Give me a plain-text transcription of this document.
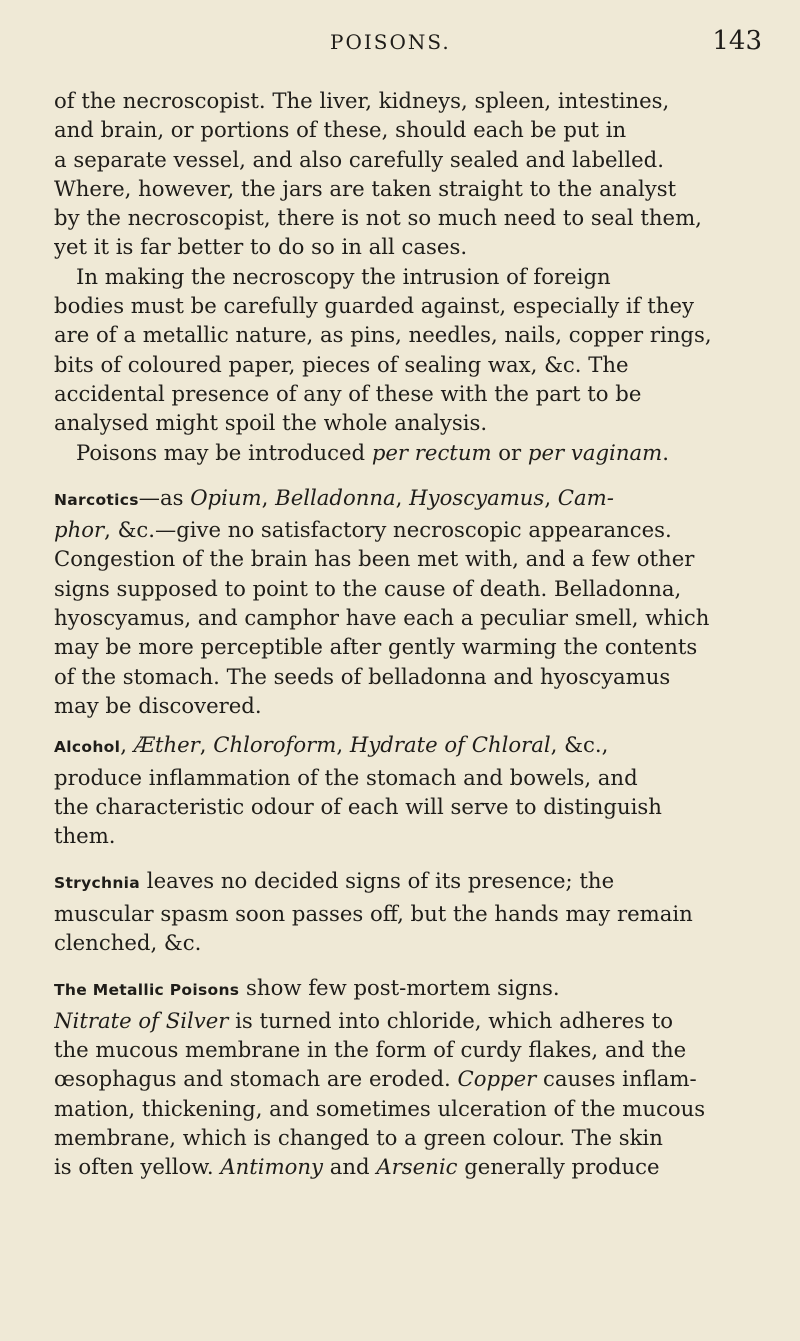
POISONS.	143
of the necroscopist. The liver, kidneys, spleen, intestines,
and brain, or portions of these, should each be put in
a separate vessel, and also carefully sealed and labelled.
Where, however, the jars are taken straight to the analyst
by the necroscopist, there is not so much need to seal them,
yet it is far better to do so in all cases.
In making the necroscopy the intrusion of foreign
bodies must be carefully guarded against, especially if they
are of a metallic nature, as pins, needles, nails, copper rings,
bits of coloured paper, pieces of sealing wax, &c. The
accidental presence of any of these with the part to be
analysed might spoil the whole analysis.
Poisons may be introduced per rectum or per vaginam.
Narcotics—as Opium, Belladonna, Hyoscyamus, Cam-
phor, &c.—give no satisfactory necroscopic appearances.
Congestion of the brain has been met with, and a few other
signs supposed to point to the cause of death. Belladonna,
hyoscyamus, and camphor have each a peculiar smell, which
may be more perceptible after gently warming the contents
of the stomach. The seeds of belladonna and hyoscyamus
may be discovered.
Alcohol, Æther, Chloroform, Hydrate of Chloral, &c.,
produce inflammation of the stomach and bowels, and
the characteristic odour of each will serve to distinguish
them.
Strychnia leaves no decided signs of its presence; the
muscular spasm soon passes off, but the hands may remain
clenched, &c.
The Metallic Poisons show few post-mortem signs.
Nitrate of Silver is turned into chloride, which adheres to
the mucous membrane in the form of curdy flakes, and the
œsophagus and stomach are eroded. Copper causes inflam-
mation, thickening, and sometimes ulceration of the mucous
membrane, which is changed to a green colour. The skin
is often yellow. Antimony and Arsenic generally produce
